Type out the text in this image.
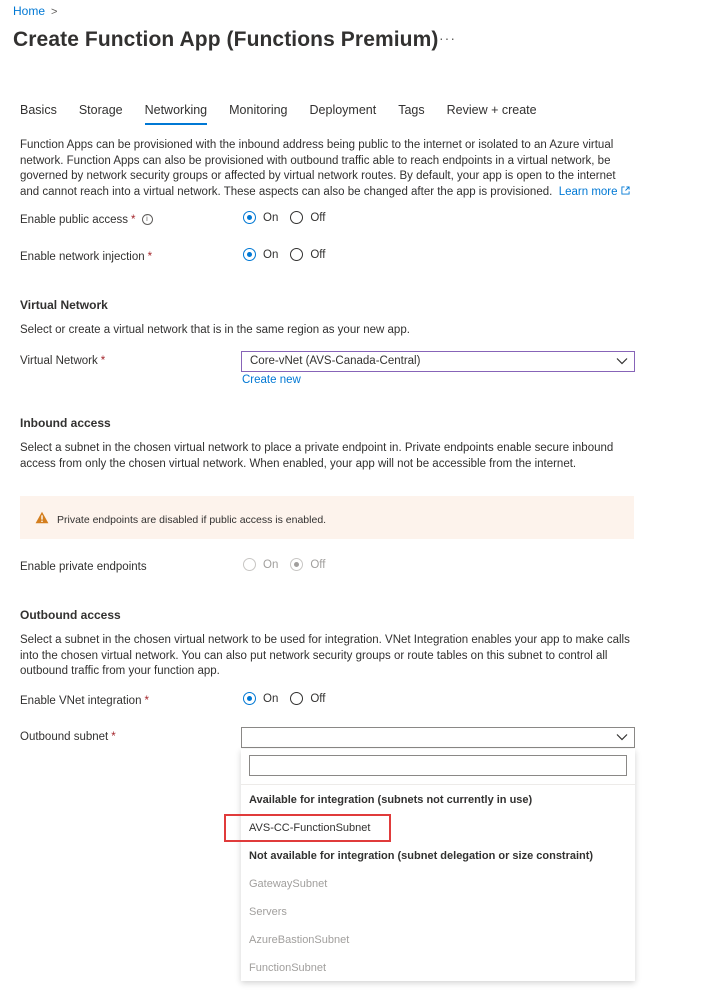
Home >
Create Function App (Functions Premium) ···
Basics Storage Networking Monitoring Deployment Tags Review + create
Function Apps can be provisioned with the inbound address being public to the internet or isolated to an Azure virtual
network. Function Apps can also be provisioned with outbound traffic able to reach endpoints in a virtual network, be
governed by network security groups or affected by virtual network routes. By default, your app is open to the internet
and cannot reach into a virtual network. These aspects can also be changed after the app is provisioned. Learn more
Enable public access * i	On	Off
Enable network injection *	On	Off
Virtual Network
Select or create a virtual network that is in the same region as your new app.
Virtual Network *	Core-vNet (AVS-Canada-Central)
Create new
Inbound access
Select a subnet in the chosen virtual network to place a private endpoint in. Private endpoints enable secure inbound
access from only the chosen virtual network. When enabled, your app will not be accessible from the internet.
Private endpoints are disabled if public access is enabled.
Enable private endpoints	On	Off
Outbound access
Select a subnet in the chosen virtual network to be used for integration. VNet Integration enables your app to make calls
into the chosen virtual network. You can also put network security groups or route tables on this subnet to control all
outbound traffic from your function app.
Enable VNet integration *	On	Off
Outbound subnet *
Available for integration (subnets not currently in use)
AVS-CC-FunctionSubnet
Not available for integration (subnet delegation or size constraint)
GatewaySubnet
Servers
AzureBastionSubnet
FunctionSubnet
